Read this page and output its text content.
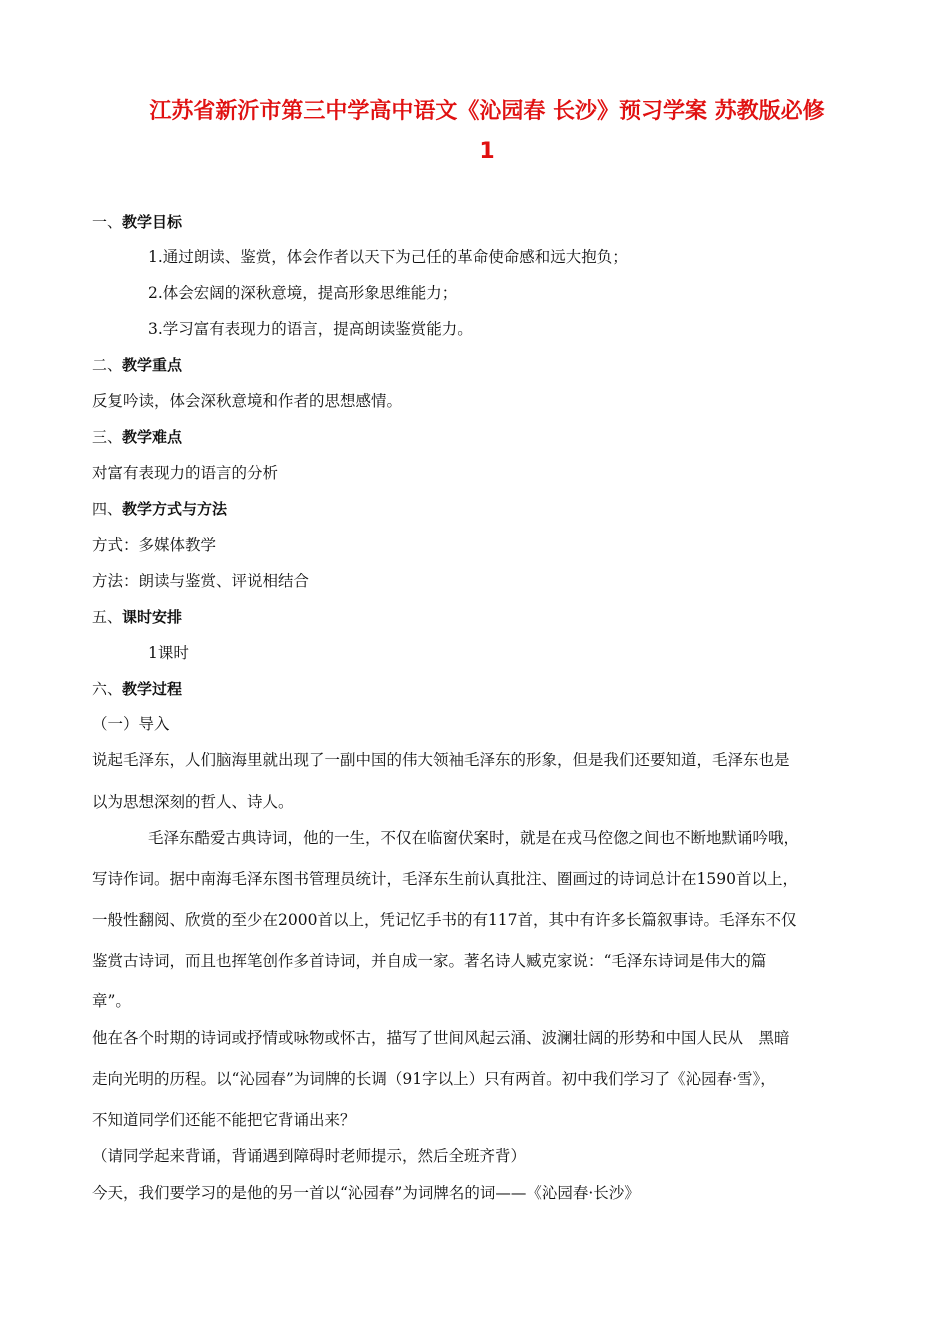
江苏省新沂市第三中学高中语文《沁园春 长沙》预习学案 苏教版必修
1
一、教学目标
1.通过朗读、鉴赏，体会作者以天下为己任的革命使命感和远大抱负；
2.体会宏阔的深秋意境，提高形象思维能力；
3.学习富有表现力的语言，提高朗读鉴赏能力。
二、教学重点
反复吟读，体会深秋意境和作者的思想感情。
三、教学难点
对富有表现力的语言的分析
四、教学方式与方法
方式：多媒体教学
方法：朗读与鉴赏、评说相结合
五、课时安排
1课时
六、教学过程
（一）导入
说起毛泽东，人们脑海里就出现了一副中国的伟大领袖毛泽东的形象，但是我们还要知道，毛泽东也是
以为思想深刻的哲人、诗人。
毛泽东酷爱古典诗词，他的一生，不仅在临窗伏案时，就是在戎马倥偬之间也不断地默诵吟哦，
写诗作词。据中南海毛泽东图书管理员统计，毛泽东生前认真批注、圈画过的诗词总计在1590首以上，
一般性翻阅、欣赏的至少在2000首以上，凭记忆手书的有117首，其中有许多长篇叙事诗。毛泽东不仅
鉴赏古诗词，而且也挥笔创作多首诗词，并自成一家。著名诗人臧克家说：“毛泽东诗词是伟大的篇
章”。
他在各个时期的诗词或抒情或咏物或怀古，描写了世间风起云涌、波澜壮阔的形势和中国人民从　黑暗
走向光明的历程。以“沁园春”为词牌的长调（91字以上）只有两首。初中我们学习了《沁园春·雪》，
不知道同学们还能不能把它背诵出来？
（请同学起来背诵，背诵遇到障碍时老师提示，然后全班齐背）
今天，我们要学习的是他的另一首以“沁园春”为词牌名的词——《沁园春·长沙》
